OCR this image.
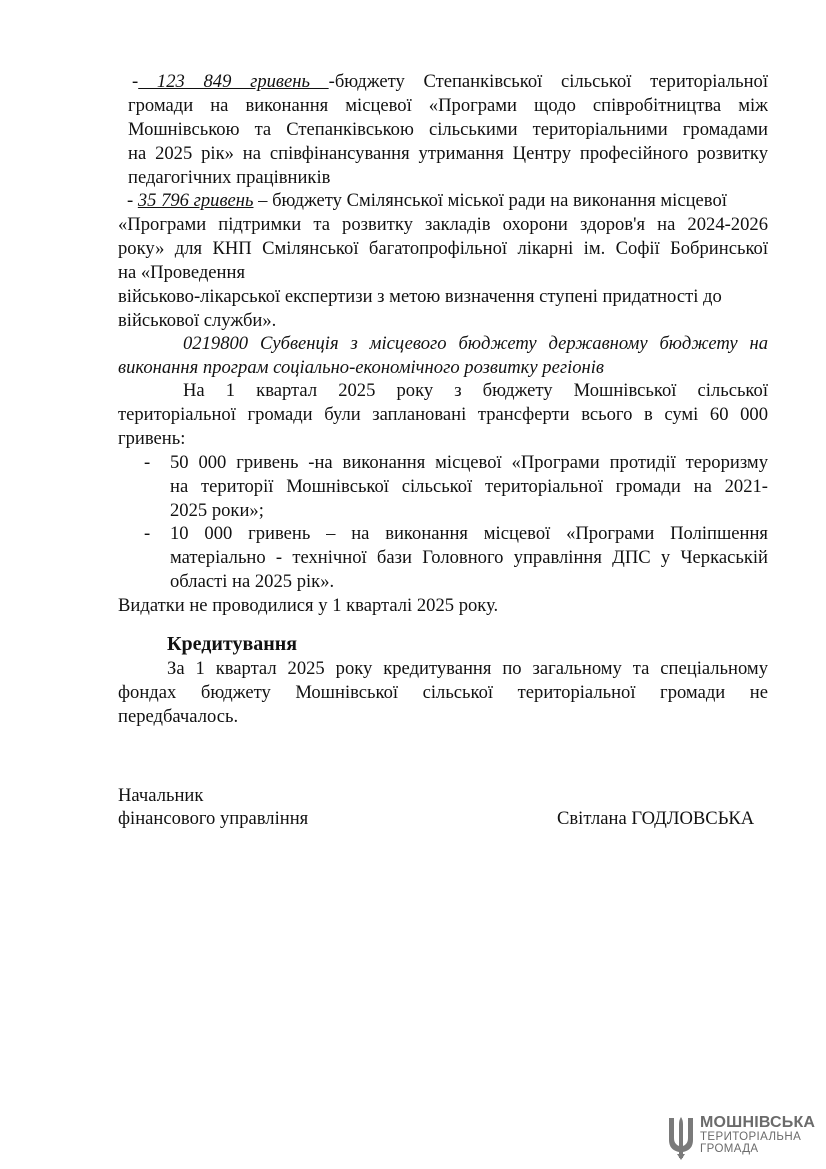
- 123 849 гривень -бюджету Степанківської сільської територіальної
громади на виконання місцевої «Програми щодо співробітництва між
Мошнівською та Степанківською сільськими територіальними громадами
на 2025 рік» на співфінансування утримання Центру професійного розвитку
педагогічних працівників
- 35 796 гривень – бюджету Смілянської міської ради на виконання місцевої
«Програми підтримки та розвитку закладів охорони здоров'я на 2024-2026
року» для КНП Смілянської багатопрофільної лікарні ім. Софії Бобринської
на «Проведення
військово-лікарської експертизи з метою визначення ступені придатності до
військової служби».
0219800 Субвенція з місцевого бюджету державному бюджету на
виконання програм соціально-економічного розвитку регіонів
На 1 квартал 2025 року з бюджету Мошнівської сільської
територіальної громади були заплановані трансферти всього в сумі 60 000
гривень:
- 50 000 гривень -на виконання місцевої «Програми протидії тероризму
на території Мошнівської сільської територіальної громади на 2021-
2025 роки»;
- 10 000 гривень – на виконання місцевої «Програми Поліпшення
матеріально - технічної бази Головного управління ДПС у Черкаській
області на 2025 рік».
Видатки не проводилися у 1 кварталі 2025 року.
Кредитування
За 1 квартал 2025 року кредитування по загальному та спеціальному
фондах бюджету Мошнівської сільської територіальної громади не
передбачалось.
Начальник
фінансового управління	Світлана ГОДЛОВСЬКА
МОШНІВСЬКА
ТЕРИТОРІАЛЬНА
ГРОМАДА
